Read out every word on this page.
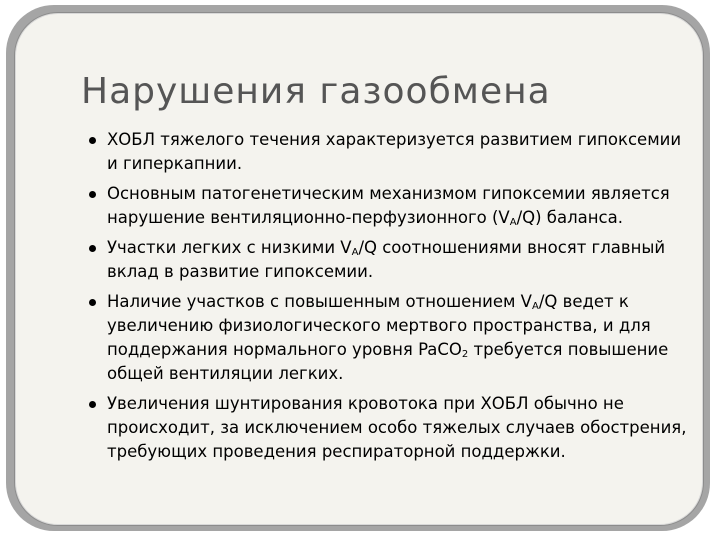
Нарушения газообмена
ХОБЛ тяжелого течения характеризуется развитием гипоксемии и гиперкапнии.
Основным патогенетическим механизмом гипоксемии является нарушение вентиляционно-перфузионного $(V_A/Q)$ баланса.
Участки легких с низкими $V_A/Q$ соотношениями вносят главный вклад в развитие гипоксемии.
Наличие участков с повышенным отношением $V_A/Q$ ведет к увеличению физиологического мертвого пространства, и для поддержания нормального уровня PaCO$_2$ требуется повышение общей вентиляции легких.
Увеличения шунтирования кровотока при ХОБЛ обычно не происходит, за исключением особо тяжелых случаев обострения, требующих проведения респираторной поддержки.
